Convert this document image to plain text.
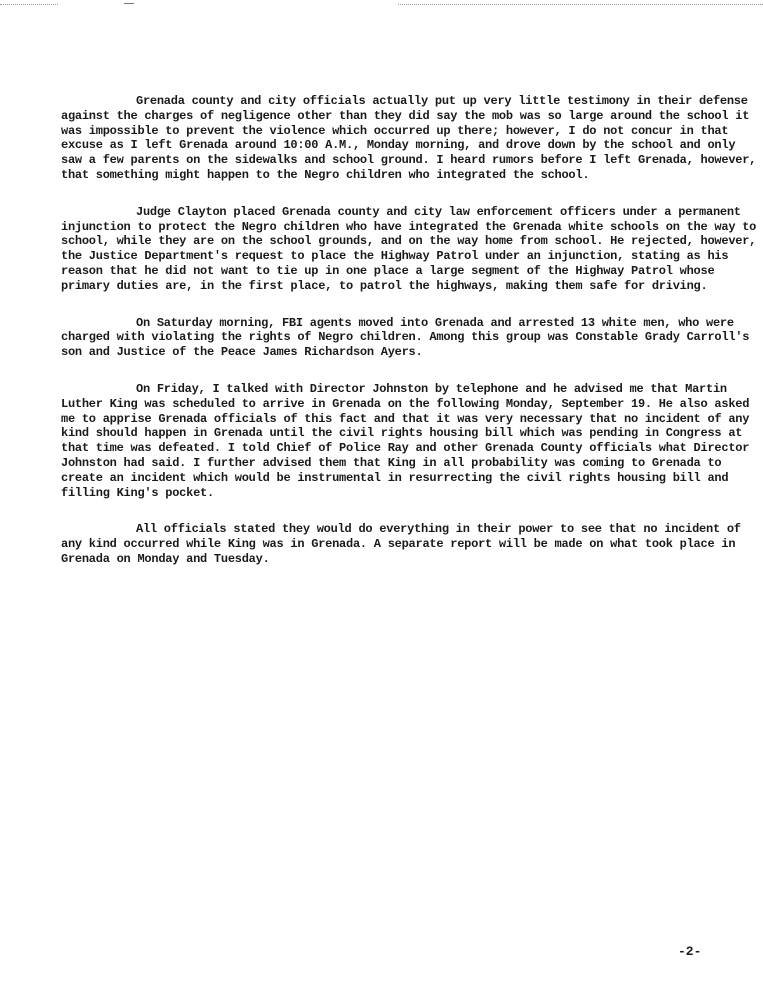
Grenada county and city officials actually put up very little testimony in their defense against the charges of negligence other than they did say the mob was so large around the school it was impossible to prevent the violence which occurred up there; however, I do not concur in that excuse as I left Grenada around 10:00 A.M., Monday morning, and drove down by the school and only saw a few parents on the sidewalks and school ground. I heard rumors before I left Grenada, however, that something might happen to the Negro children who integrated the school.

Judge Clayton placed Grenada county and city law enforcement officers under a permanent injunction to protect the Negro children who have integrated the Grenada white schools on the way to school, while they are on the school grounds, and on the way home from school. He rejected, however, the Justice Department's request to place the Highway Patrol under an injunction, stating as his reason that he did not want to tie up in one place a large segment of the Highway Patrol whose primary duties are, in the first place, to patrol the highways, making them safe for driving.

On Saturday morning, FBI agents moved into Grenada and arrested 13 white men, who were charged with violating the rights of Negro children. Among this group was Constable Grady Carroll's son and Justice of the Peace James Richardson Ayers.

On Friday, I talked with Director Johnston by telephone and he advised me that Martin Luther King was scheduled to arrive in Grenada on the following Monday, September 19. He also asked me to apprise Grenada officials of this fact and that it was very necessary that no incident of any kind should happen in Grenada until the civil rights housing bill which was pending in Congress at that time was defeated. I told Chief of Police Ray and other Grenada County officials what Director Johnston had said. I further advised them that King in all probability was coming to Grenada to create an incident which would be instrumental in resurrecting the civil rights housing bill and filling King's pocket.

All officials stated they would do everything in their power to see that no incident of any kind occurred while King was in Grenada. A separate report will be made on what took place in Grenada on Monday and Tuesday.

-2-
